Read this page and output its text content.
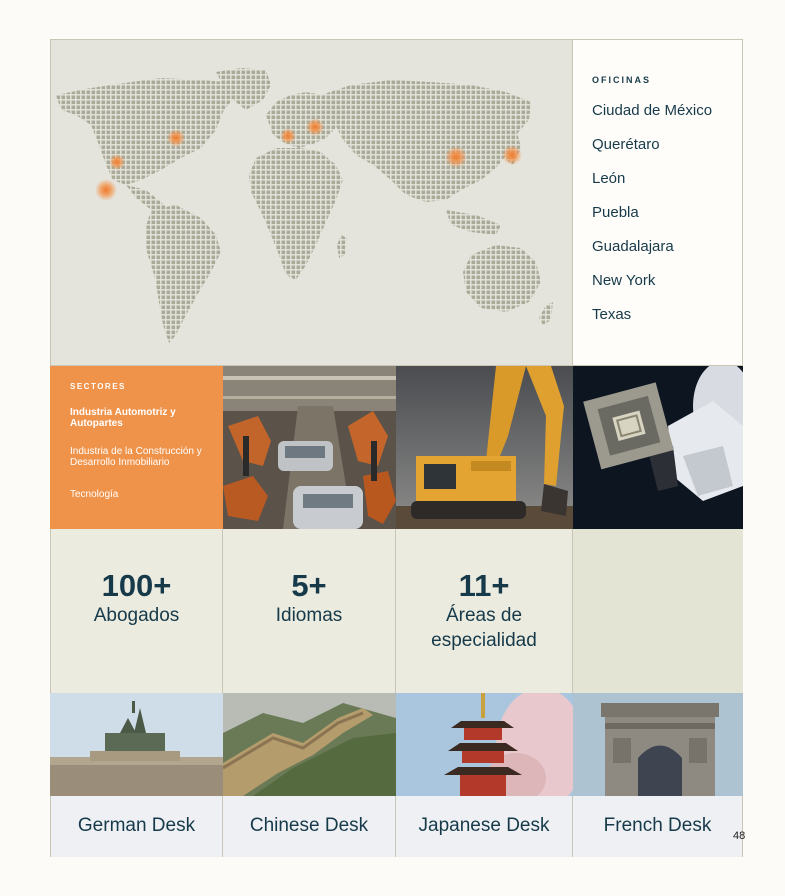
OFICINAS
Ciudad de México
Querétaro
León
Puebla
Guadalajara
New York
Texas
SECTORES
Industria Automotriz y Autopartes
Industria de la Construcción y Desarrollo Inmobiliario
Tecnología
100+
Abogados
5+
Idiomas
11+
Áreas de especialidad
German Desk	Chinese Desk	Japanese Desk	French Desk	48
